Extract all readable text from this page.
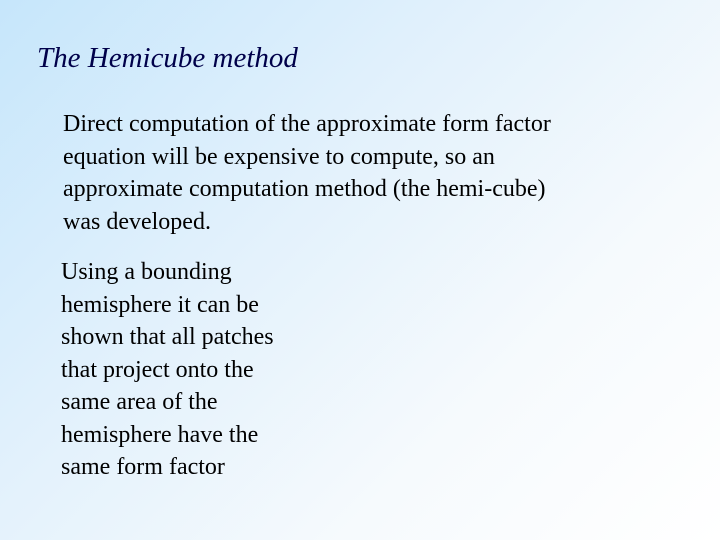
The Hemicube method

Direct computation of the approximate form factor
equation will be expensive to compute, so an
approximate computation method (the hemi-cube)
was developed.

Using a bounding
hemisphere it can be
shown that all patches
that project onto the
same area of the
hemisphere have the
same form factor
